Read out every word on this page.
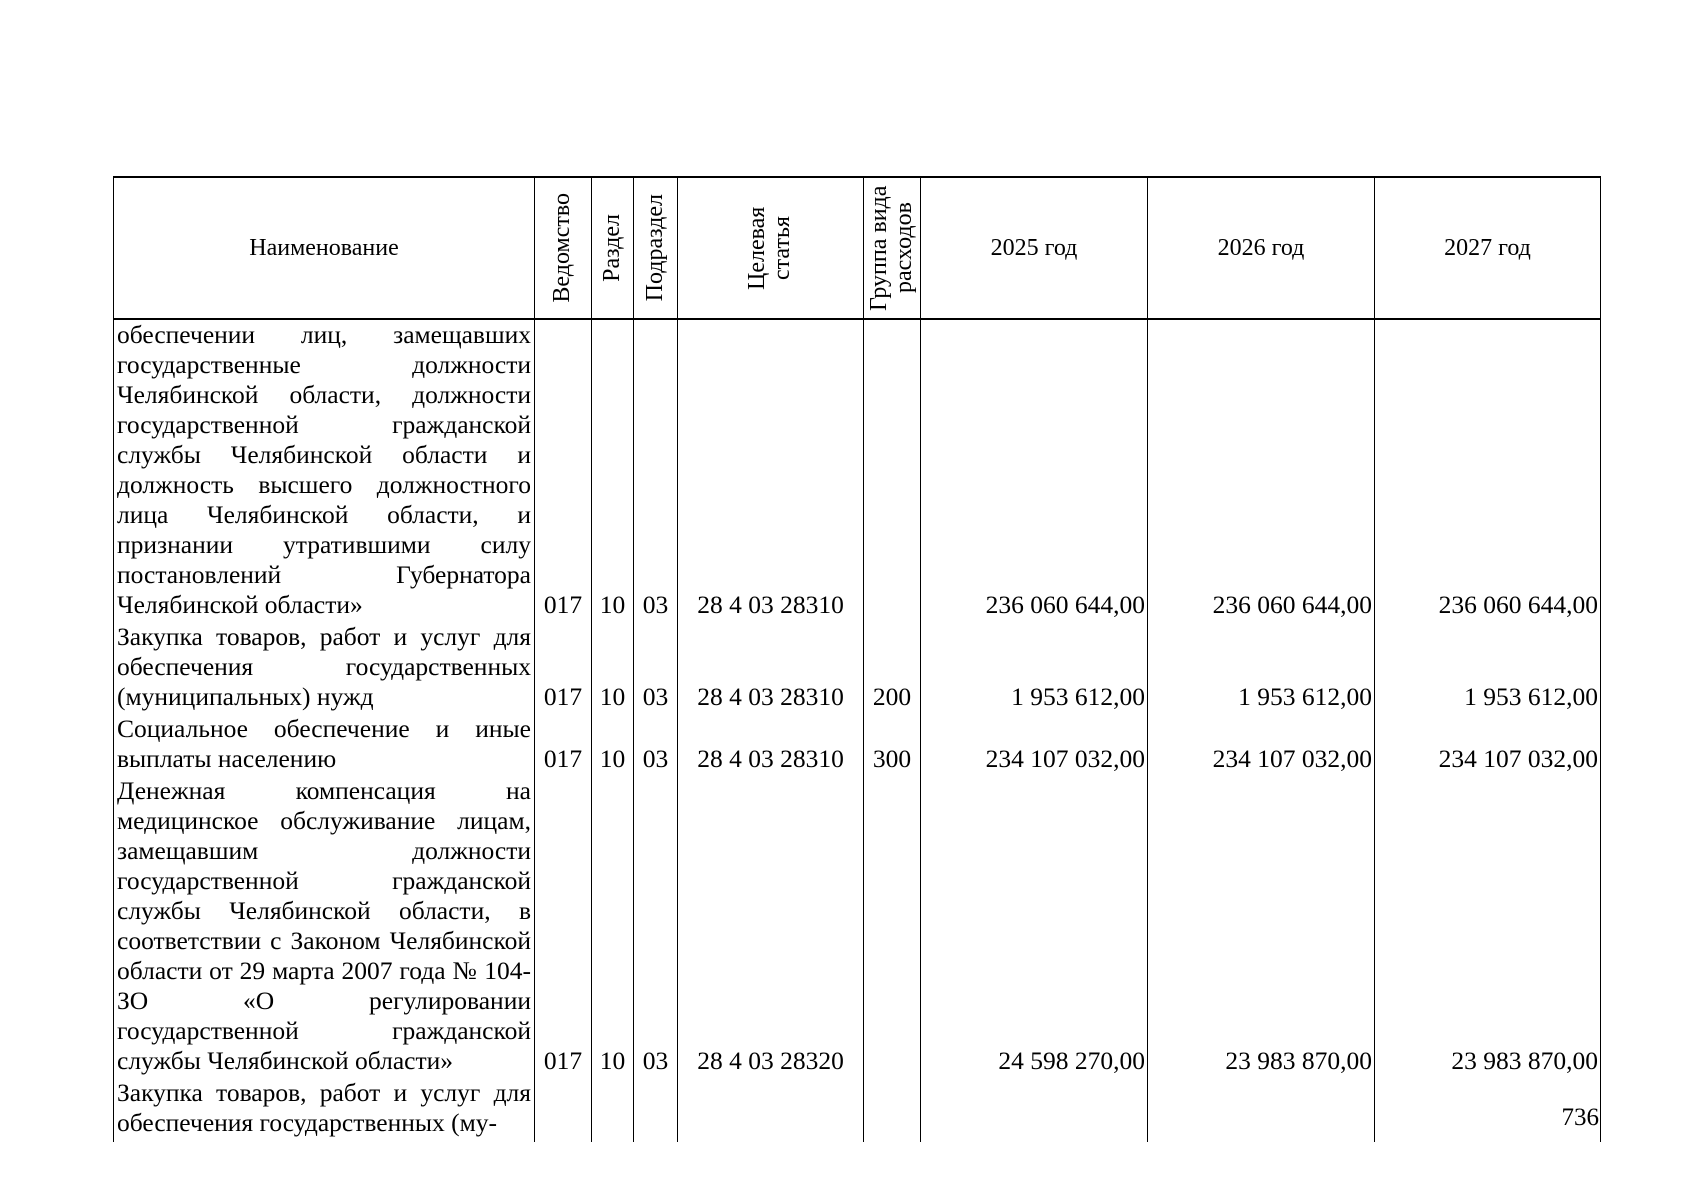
Наименование	Ведомство	Раздел	Подраздел	Целевая статья	Группа вида расходов	2025 год	2026 год	2027 год
обеспечении лиц, замещавших государственные должности Челябинской области, должности государственной гражданской службы Челябинской области и должность высшего должностного лица Челябинской области, и признании утратившими силу постановлений Губернатора Челябинской области»	017	10	03	28 4 03 28310		236 060 644,00	236 060 644,00	236 060 644,00
Закупка товаров, работ и услуг для обеспечения государственных (муниципальных) нужд	017	10	03	28 4 03 28310	200	1 953 612,00	1 953 612,00	1 953 612,00
Социальное обеспечение и иные выплаты населению	017	10	03	28 4 03 28310	300	234 107 032,00	234 107 032,00	234 107 032,00
Денежная компенсация на медицинское обслуживание лицам, замещавшим должности государственной гражданской службы Челябинской области, в соответствии с Законом Челябинской области от 29 марта 2007 года № 104-ЗО «О регулировании государственной гражданской службы Челябинской области»	017	10	03	28 4 03 28320		24 598 270,00	23 983 870,00	23 983 870,00
Закупка товаров, работ и услуг для обеспечения государственных (му-									736
